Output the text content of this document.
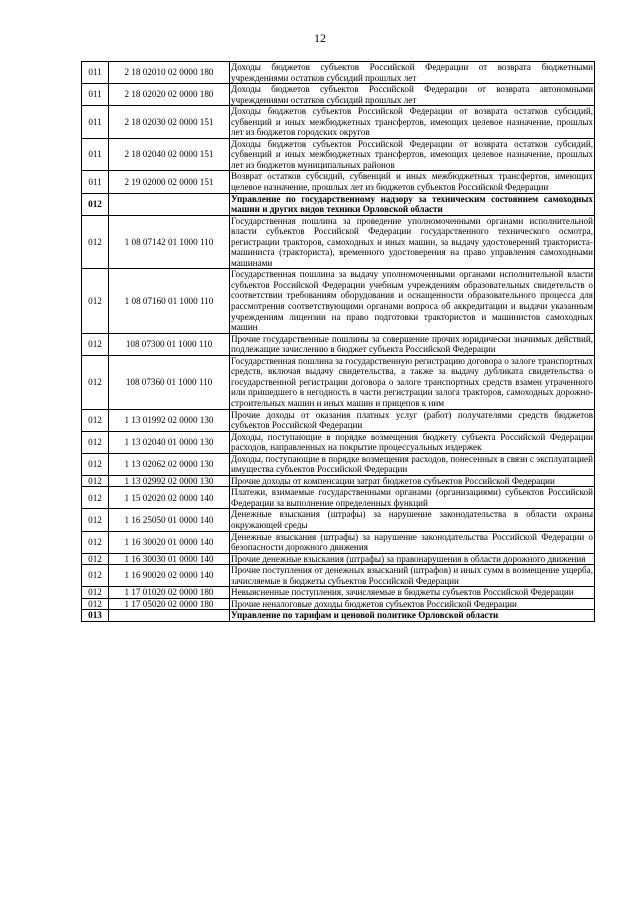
12
011	2 18 02010 02 0000 180	Доходы бюджетов субъектов Российской Федерации от возврата бюджетными учреждениями остатков субсидий прошлых лет
011	2 18 02020 02 0000 180	Доходы бюджетов субъектов Российской Федерации от возврата автономными учреждениями остатков субсидий прошлых лет
011	2 18 02030 02 0000 151	Доходы бюджетов субъектов Российской Федерации от возврата остатков субсидий, субвенций и иных межбюджетных трансфертов, имеющих целевое назначение, прошлых лет из бюджетов городских округов
011	2 18 02040 02 0000 151	Доходы бюджетов субъектов Российской Федерации от возврата остатков субсидий, субвенций и иных межбюджетных трансфертов, имеющих целевое назначение, прошлых лет из бюджетов муниципальных районов
011	2 19 02000 02 0000 151	Возврат остатков субсидий, субвенций и иных межбюджетных трансфертов, имеющих целевое назначение, прошлых лет из бюджетов субъектов Российской Федерации
012		Управление по государственному надзору за техническим состоянием самоходных машин и других видов техники Орловской области
012	1 08 07142 01 1000 110	Государственная пошлина за проведение уполномоченными органами исполнительной власти субъектов Российской Федерации государственного технического осмотра, регистрации тракторов, самоходных и иных машин, за выдачу удостоверений тракториста-машиниста (тракториста), временного удостоверения на право управления самоходными машинами
012	1 08 07160 01 1000 110	Государственная пошлина за выдачу уполномоченными органами исполнительной власти субъектов Российской Федерации учебным учреждениям образовательных свидетельств о соответствии требованиям оборудования и оснащенности образовательного процесса для рассмотрения соответствующими органами вопроса об аккредитации и выдачи указанным учреждениям лицензии на право подготовки трактористов и машинистов самоходных машин
012	108 07300 01 1000 110	Прочие государственные пошлины за совершение прочих юридически значимых действий, подлежащие зачислению в бюджет субъекта Российской Федерации
012	108 07360 01 1000 110	Государственная пошлина за государственную регистрацию договора о залоге транспортных средств, включая выдачу свидетельства, а также за выдачу дубликата свидетельства о государственной регистрации договора о залоге транспортных средств взамен утраченного или пришедшего в негодность в части регистрации залога тракторов, самоходных дорожно-строительных машин и иных машин и прицепов к ним
012	1 13 01992 02 0000 130	Прочие доходы от оказания платных услуг (работ) получателями средств бюджетов субъектов Российской Федерации
012	1 13 02040 01 0000 130	Доходы, поступающие в порядке возмещения бюджету субъекта Российской Федерации расходов, направленных на покрытие процессуальных издержек
012	1 13 02062 02 0000 130	Доходы, поступающие в порядке возмещения расходов, понесенных в связи с эксплуатацией имущества субъектов Российской Федерации
012	1 13 02992 02 0000 130	Прочие доходы от компенсации затрат бюджетов субъектов Российской Федерации
012	1 15 02020 02 0000 140	Платежи, взимаемые государственными органами (организациями) субъектов Российской Федерации за выполнение определенных функций
012	1 16 25050 01 0000 140	Денежные взыскания (штрафы) за нарушение законодательства в области охраны окружающей среды
012	1 16 30020 01 0000 140	Денежные взыскания (штрафы) за нарушение законодательства Российской Федерации о безопасности дорожного движения
012	1 16 30030 01 0000 140	Прочие денежные взыскания (штрафы) за правонарушения в области дорожного движения
012	1 16 90020 02 0000 140	Прочие поступления от денежных взысканий (штрафов) и иных сумм в возмещение ущерба, зачисляемые в бюджеты субъектов Российской Федерации
012	1 17 01020 02 0000 180	Невыясненные поступления, зачисляемые в бюджеты субъектов Российской Федерации
012	1 17 05020 02 0000 180	Прочие неналоговые доходы бюджетов субъектов Российской Федерации
013		Управление по тарифам и ценовой политике Орловской области
